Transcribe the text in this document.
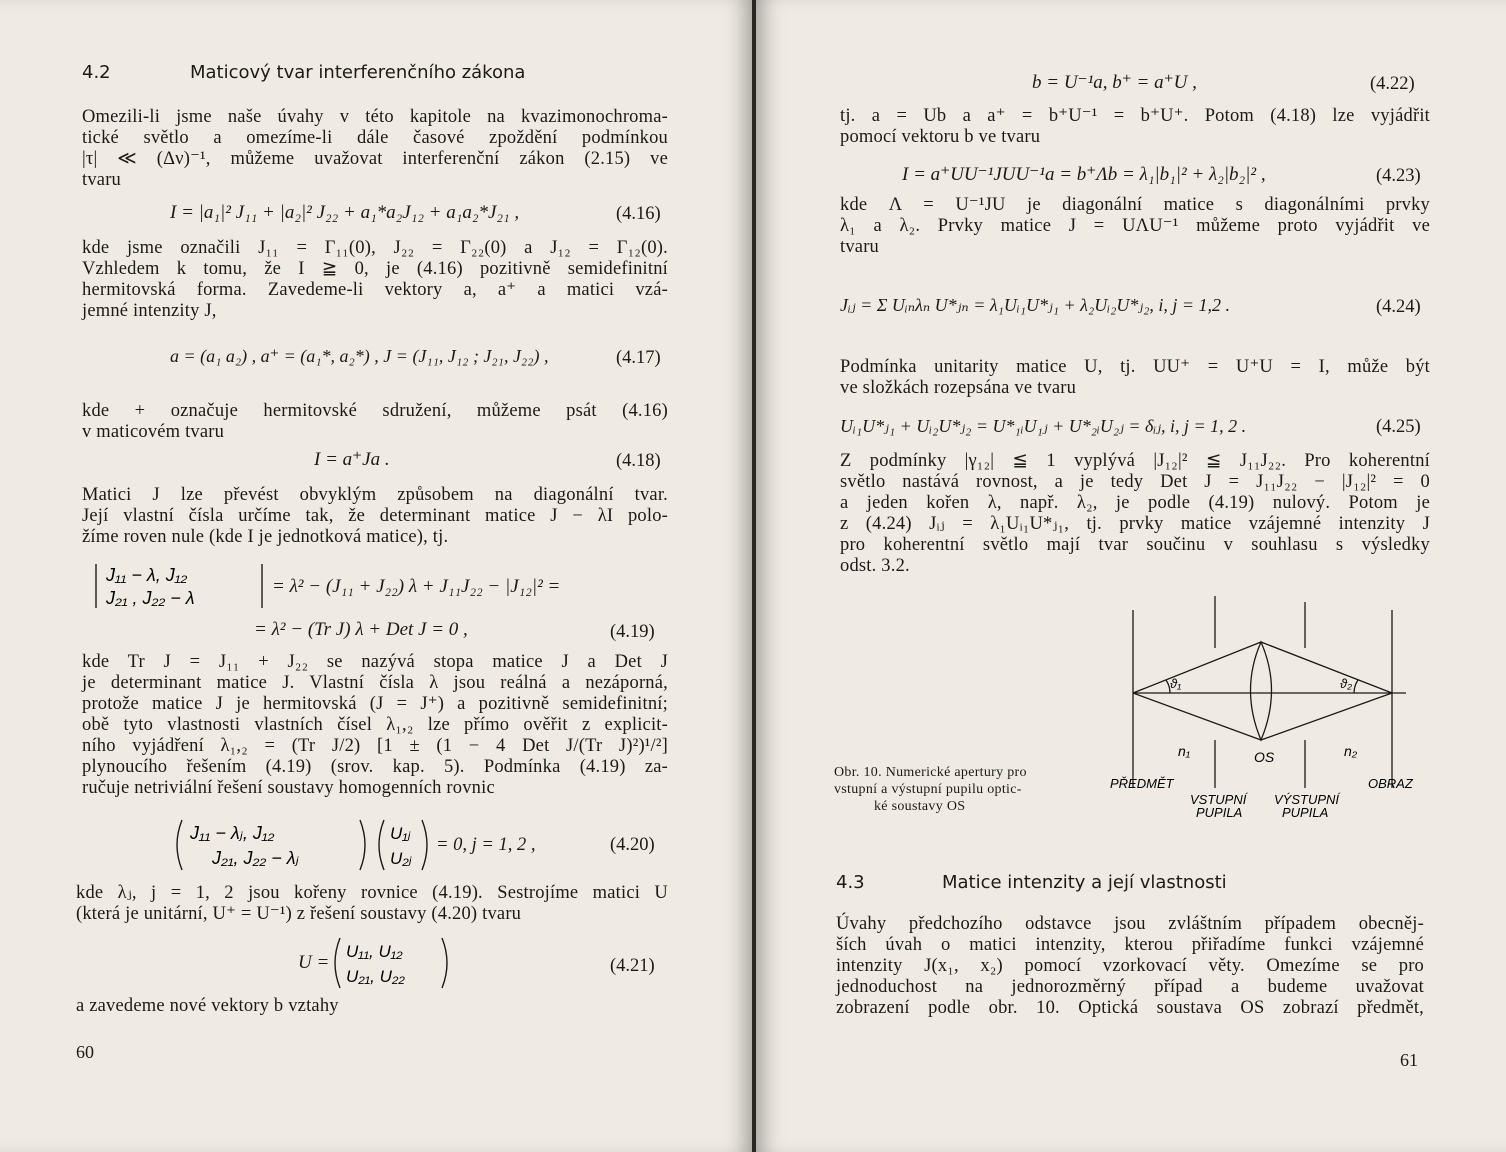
4.2	Maticový tvar interferenčního zákona
Omezili-li jsme naše úvahy v této kapitole na kvazimonochroma-
tické světlo a omezíme-li dále časové zpoždění podmínkou
|τ| ≪ (Δν)⁻¹, můžeme uvažovat interferenční zákon (2.15) ve
tvaru
I = |a₁|² J₁₁ + |a₂|² J₂₂ + a₁*a₂J₁₂ + a₁a₂*J₂₁ ,	(4.16)
kde jsme označili J₁₁ = Γ₁₁(0), J₂₂ = Γ₂₂(0) a J₁₂ = Γ₁₂(0).
Vzhledem k tomu, že I ≧ 0, je (4.16) pozitivně semidefinitní
hermitovská forma. Zavedeme-li vektory a, a⁺ a matici vzá-
jemné intenzity J,
a = (a₁ a₂) , a⁺ = (a₁*, a₂*) , J = (J₁₁, J₁₂ ; J₂₁, J₂₂) ,	(4.17)
kde + označuje hermitovské sdružení, můžeme psát (4.16)
v maticovém tvaru
I = a⁺Ja .	(4.18)
Matici J lze převést obvyklým způsobem na diagonální tvar.
Její vlastní čísla určíme tak, že determinant matice J − λI polo-
žíme roven nule (kde I je jednotková matice), tj.
J₁₁ − λ, J₁₂
J₂₁ , J₂₂ − λ
= λ² − (J₁₁ + J₂₂) λ + J₁₁J₂₂ − |J₁₂|² =
= λ² − (Tr J) λ + Det J = 0 ,	(4.19)
kde Tr J = J₁₁ + J₂₂ se nazývá stopa matice J a Det J
je determinant matice J. Vlastní čísla λ jsou reálná a nezáporná,
protože matice J je hermitovská (J = J⁺) a pozitivně semidefinitní;
obě tyto vlastnosti vlastních čísel λ₁,₂ lze přímo ověřit z explicit-
ního vyjádření λ₁,₂ = (Tr J/2) [1 ± (1 − 4 Det J/(Tr J)²)¹/²]
plynoucího řešením (4.19) (srov. kap. 5). Podmínka (4.19) za-
ručuje netriviální řešení soustavy homogenních rovnic
J₁₁ − λⱼ, J₁₂
J₂₁, J₂₂ − λⱼ
U₁ⱼ
U₂ⱼ
= 0, j = 1, 2 ,	(4.20)
kde λⱼ, j = 1, 2 jsou kořeny rovnice (4.19). Sestrojíme matici U
(která je unitární, U⁺ = U⁻¹) z řešení soustavy (4.20) tvaru
U =
U₁₁, U₁₂
U₂₁, U₂₂
(4.21)
a zavedeme nové vektory b vztahy
60
b = U⁻¹a, b⁺ = a⁺U ,	(4.22)
tj. a = Ub a a⁺ = b⁺U⁻¹ = b⁺U⁺. Potom (4.18) lze vyjádřit
pomocí vektoru b ve tvaru
I = a⁺UU⁻¹JUU⁻¹a = b⁺Λb = λ₁|b₁|² + λ₂|b₂|² ,	(4.23)
kde Λ = U⁻¹JU je diagonální matice s diagonálními prvky
λ₁ a λ₂. Prvky matice J = UΛU⁻¹ můžeme proto vyjádřit ve
tvaru
Jᵢⱼ = Σ Uᵢₙλₙ U*ⱼₙ = λ₁Uᵢ₁U*ⱼ₁ + λ₂Uᵢ₂U*ⱼ₂, i, j = 1,2 .	(4.24)
Podmínka unitarity matice U, tj. UU⁺ = U⁺U = I, může být
ve složkách rozepsána ve tvaru
Uᵢ₁U*ⱼ₁ + Uᵢ₂U*ⱼ₂ = U*₁ᵢU₁ⱼ + U*₂ᵢU₂ⱼ = δᵢⱼ, i, j = 1, 2 .	(4.25)
Z podmínky |γ₁₂| ≦ 1 vyplývá |J₁₂|² ≦ J₁₁J₂₂. Pro koherentní
světlo nastává rovnost, a je tedy Det J = J₁₁J₂₂ − |J₁₂|² = 0
a jeden kořen λ, např. λ₂, je podle (4.19) nulový. Potom je
z (4.24) Jᵢⱼ = λ₁Uᵢ₁U*ⱼ₁, tj. prvky matice vzájemné intenzity J
pro koherentní světlo mají tvar součinu v souhlasu s výsledky
odst. 3.2.
ϑ₁	ϑ₂
n₁	OS	n₂
PŘEDMĚT
VSTUPNÍ
PUPILA
VÝSTUPNÍ
PUPILA
OBRAZ
Obr. 10. Numerické apertury pro
vstupní a výstupní pupilu optic-
ké soustavy OS
4.3	Matice intenzity a její vlastnosti
Úvahy předchozího odstavce jsou zvláštním případem obecněj-
ších úvah o matici intenzity, kterou přiřadíme funkci vzájemné
intenzity J(x₁, x₂) pomocí vzorkovací věty. Omezíme se pro
jednoduchost na jednorozměrný případ a budeme uvažovat
zobrazení podle obr. 10. Optická soustava OS zobrazí předmět,
61
